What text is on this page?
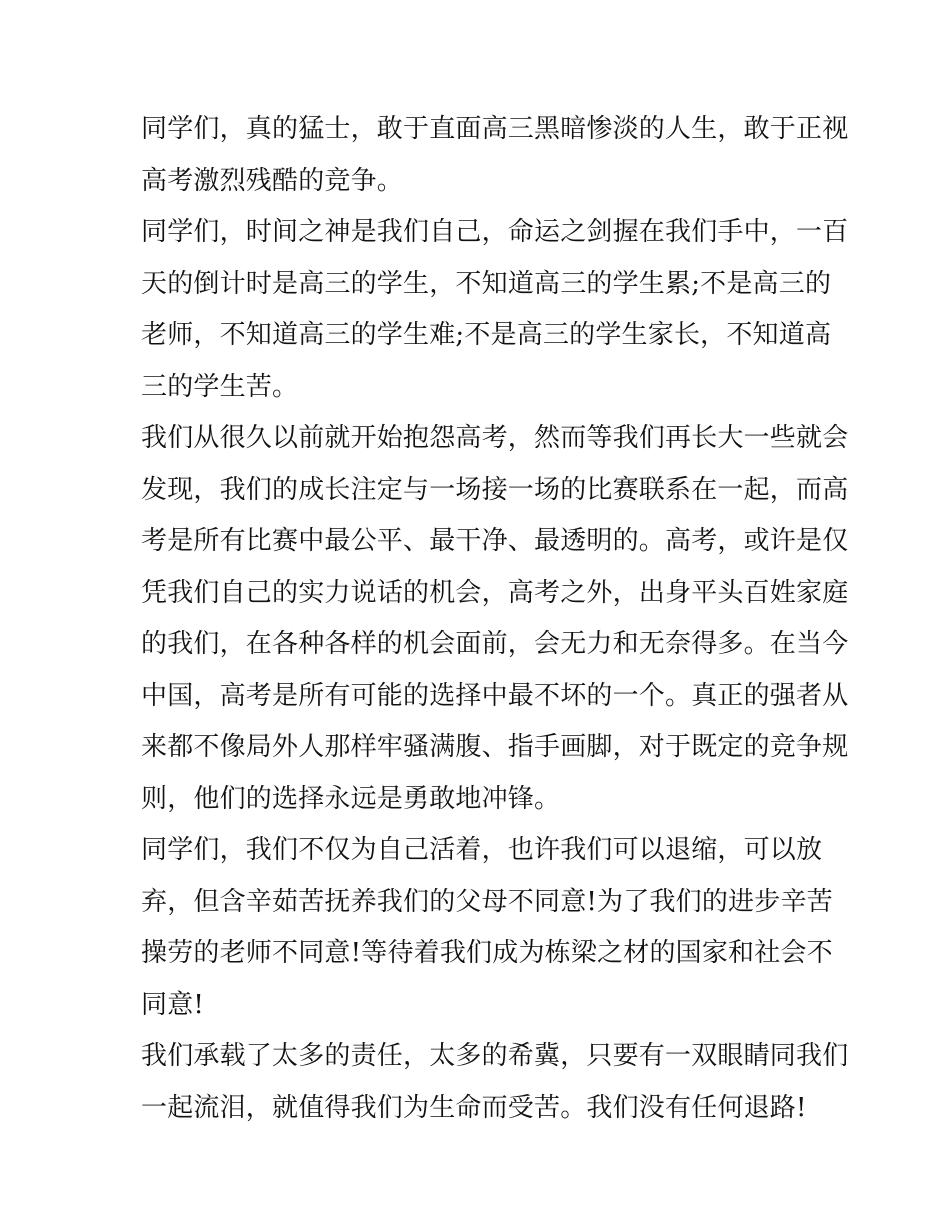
同学们，真的猛士，敢于直面高三黑暗惨淡的人生，敢于正视
高考激烈残酷的竞争。
同学们，时间之神是我们自己，命运之剑握在我们手中，一百
天的倒计时是高三的学生，不知道高三的学生累;不是高三的
老师，不知道高三的学生难;不是高三的学生家长，不知道高
三的学生苦。
我们从很久以前就开始抱怨高考，然而等我们再长大一些就会
发现，我们的成长注定与一场接一场的比赛联系在一起，而高
考是所有比赛中最公平、最干净、最透明的。高考，或许是仅
凭我们自己的实力说话的机会，高考之外，出身平头百姓家庭
的我们，在各种各样的机会面前，会无力和无奈得多。在当今
中国，高考是所有可能的选择中最不坏的一个。真正的强者从
来都不像局外人那样牢骚满腹、指手画脚，对于既定的竞争规
则，他们的选择永远是勇敢地冲锋。
同学们，我们不仅为自己活着，也许我们可以退缩，可以放
弃，但含辛茹苦抚养我们的父母不同意!为了我们的进步辛苦
操劳的老师不同意!等待着我们成为栋梁之材的国家和社会不
同意!
我们承载了太多的责任，太多的希冀，只要有一双眼睛同我们
一起流泪，就值得我们为生命而受苦。我们没有任何退路!
